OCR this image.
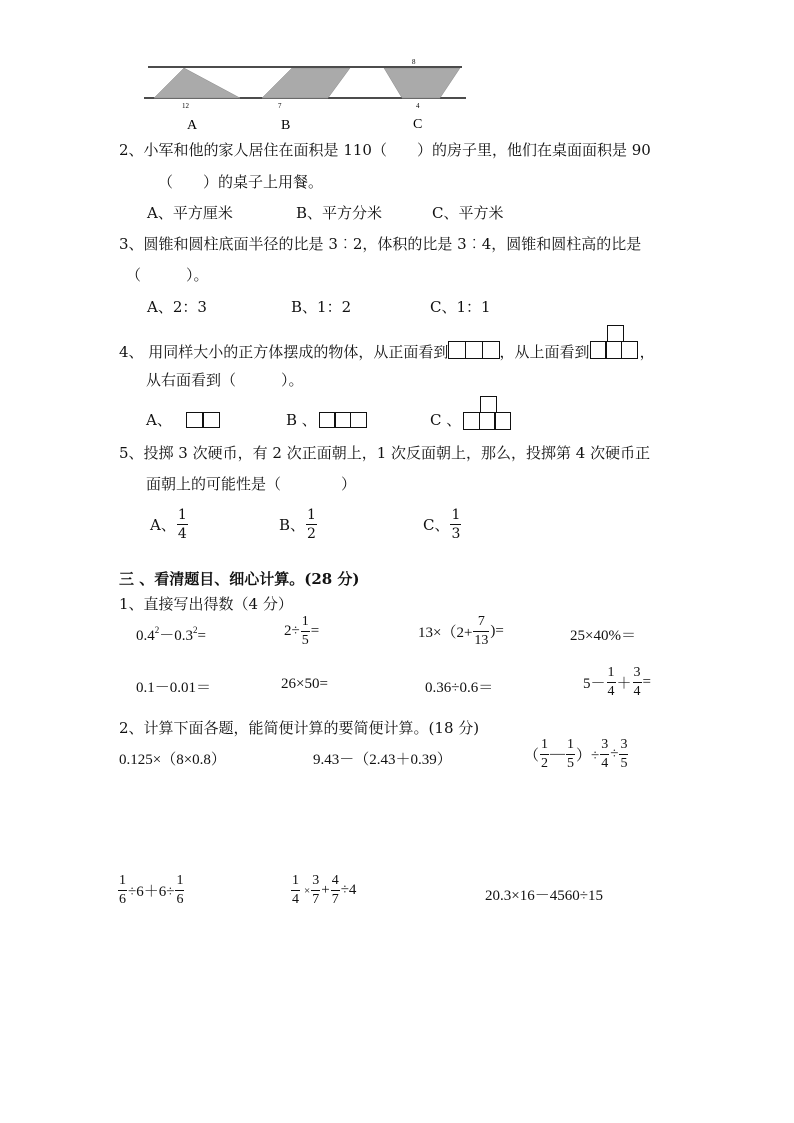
8
12	7	4
A	B	C
2、小军和他的家人居住在面积是 110（　　）的房子里，他们在桌面面积是 90
（　　）的桌子上用餐。
A、平方厘米	B、平方分米	C、平方米
3、圆锥和圆柱底面半径的比是 3︰2，体积的比是 3︰4，圆锥和圆柱高的比是
（　　　）。
A、2：3	B、1：2	C、1：1
4、 用同样大小的正方体摆成的物体，从正面看到	，从上面看到	，
从右面看到（　　　）。
A、	B 、	C 、
5、投掷 3 次硬币，有 2 次正面朝上，1 次反面朝上，那么，投掷第 4 次硬币正
面朝上的可能性是（　　　　）
A、 $\frac{1}{4}$	B、 $\frac{1}{2}$	C、 $\frac{1}{3}$
三 、看清题目、细心计算。(28 分)
1、直接写出得数（4 分）
$0.4^2-0.3^2=$	$2\div \frac{1}{5}$ =	$13\times(2+ \frac{7}{13}$ )=	25×40%＝
0.1－0.01＝	26×50=	0.36÷0.6＝	$5- \frac{1}{4} + \frac{3}{4}$ =
2、计算下面各题，能简便计算的要简便计算。(18 分)
0.125×（8×0.8）	9.43－（2.43＋0.39）	（ $\frac{1}{2}$ — $\frac{1}{5}$ ）÷ $\frac{3}{4} \div \frac{3}{5}$
$\frac{1}{6} \div 6+6\div \frac{1}{6}$	$\frac{1}{4} \times \frac{3}{7} + \frac{4}{7} \div 4$	20.3×16－4560÷15
